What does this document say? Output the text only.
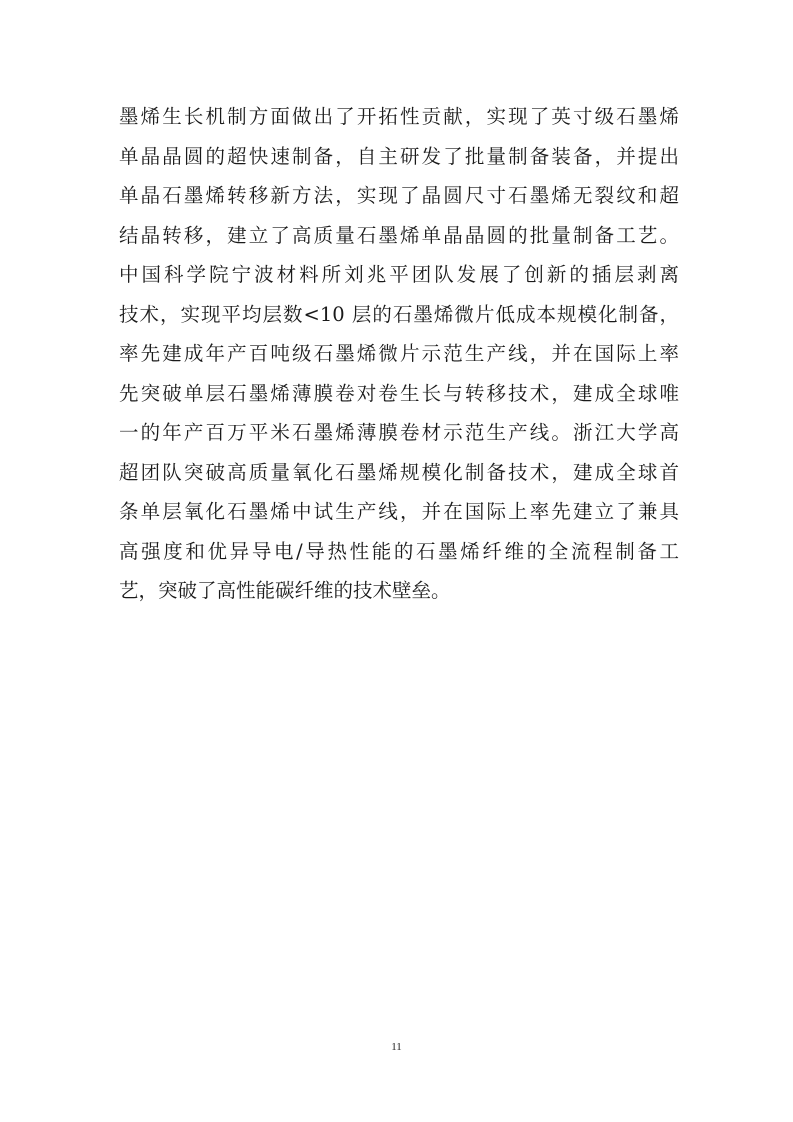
墨烯生长机制方面做出了开拓性贡献，实现了英寸级石墨烯
单晶晶圆的超快速制备，自主研发了批量制备装备，并提出
单晶石墨烯转移新方法，实现了晶圆尺寸石墨烯无裂纹和超
结晶转移，建立了高质量石墨烯单晶晶圆的批量制备工艺。
中国科学院宁波材料所刘兆平团队发展了创新的插层剥离
技术，实现平均层数<10 层的石墨烯微片低成本规模化制备，
率先建成年产百吨级石墨烯微片示范生产线，并在国际上率
先突破单层石墨烯薄膜卷对卷生长与转移技术，建成全球唯
一的年产百万平米石墨烯薄膜卷材示范生产线。浙江大学高
超团队突破高质量氧化石墨烯规模化制备技术，建成全球首
条单层氧化石墨烯中试生产线，并在国际上率先建立了兼具
高强度和优异导电/导热性能的石墨烯纤维的全流程制备工
艺，突破了高性能碳纤维的技术壁垒。
11
